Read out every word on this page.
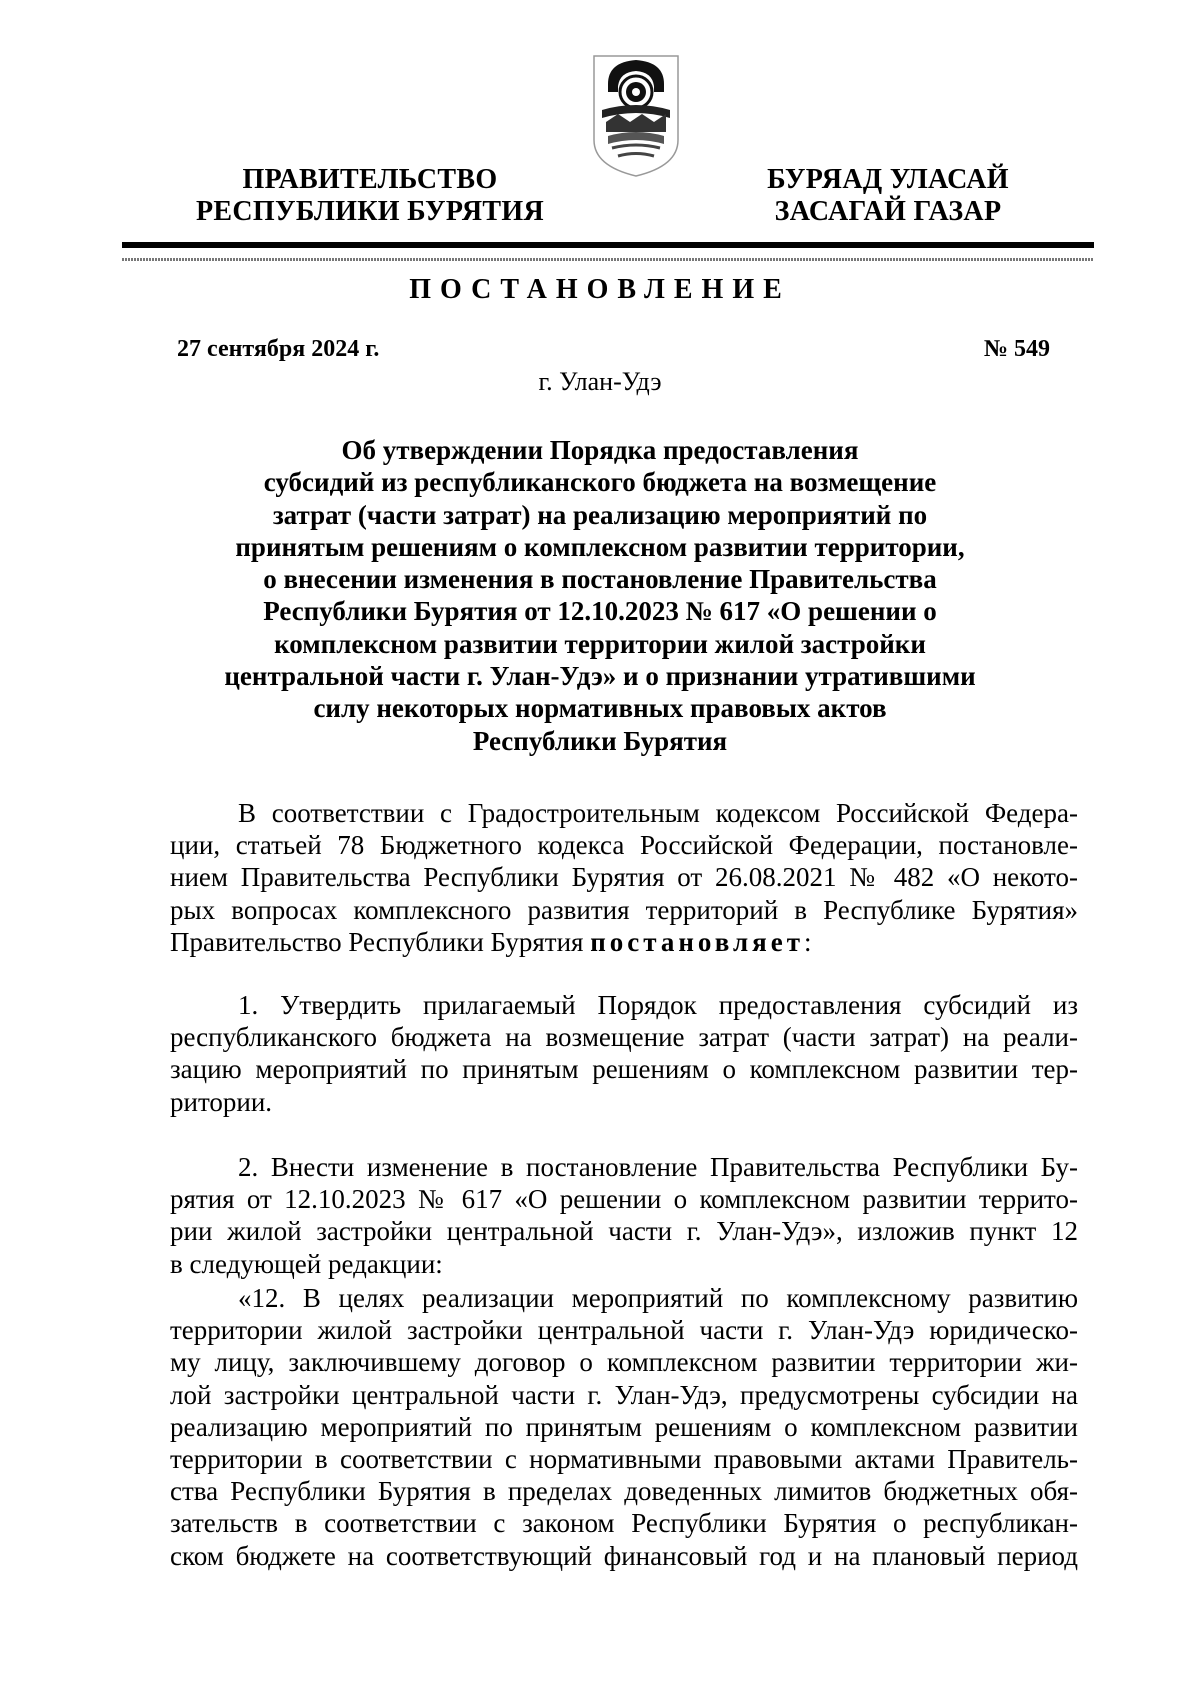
ПРАВИТЕЛЬСТВО
РЕСПУБЛИКИ БУРЯТИЯ
БУРЯАД УЛАСАЙ
ЗАСАГАЙ ГАЗАР
ПОСТАНОВЛЕНИЕ
27 сентября 2024 г.	№ 549
г. Улан-Удэ
Об утверждении Порядка предоставления
субсидий из республиканского бюджета на возмещение
затрат (части затрат) на реализацию мероприятий по
принятым решениям о комплексном развитии территории,
о внесении изменения в постановление Правительства
Республики Бурятия от 12.10.2023 № 617 «О решении о
комплексном развитии территории жилой застройки
центральной части г. Улан-Удэ» и о признании утратившими
силу некоторых нормативных правовых актов
Республики Бурятия
В соответствии с Градостроительным кодексом Российской Федера-
ции, статьей 78 Бюджетного кодекса Российской Федерации, постановле-
нием Правительства Республики Бурятия от 26.08.2021 № 482 «О некото-
рых вопросах комплексного развития территорий в Республике Бурятия»
Правительство Республики Бурятия постановляет:
1. Утвердить прилагаемый Порядок предоставления субсидий из
республиканского бюджета на возмещение затрат (части затрат) на реали-
зацию мероприятий по принятым решениям о комплексном развитии тер-
ритории.
2. Внести изменение в постановление Правительства Республики Бу-
рятия от 12.10.2023 № 617 «О решении о комплексном развитии террито-
рии жилой застройки центральной части г. Улан-Удэ», изложив пункт 12
в следующей редакции:
«12. В целях реализации мероприятий по комплексному развитию
территории жилой застройки центральной части г. Улан-Удэ юридическо-
му лицу, заключившему договор о комплексном развитии территории жи-
лой застройки центральной части г. Улан-Удэ, предусмотрены субсидии на
реализацию мероприятий по принятым решениям о комплексном развитии
территории в соответствии с нормативными правовыми актами Правитель-
ства Республики Бурятия в пределах доведенных лимитов бюджетных обя-
зательств в соответствии с законом Республики Бурятия о республикан-
ском бюджете на соответствующий финансовый год и на плановый период
